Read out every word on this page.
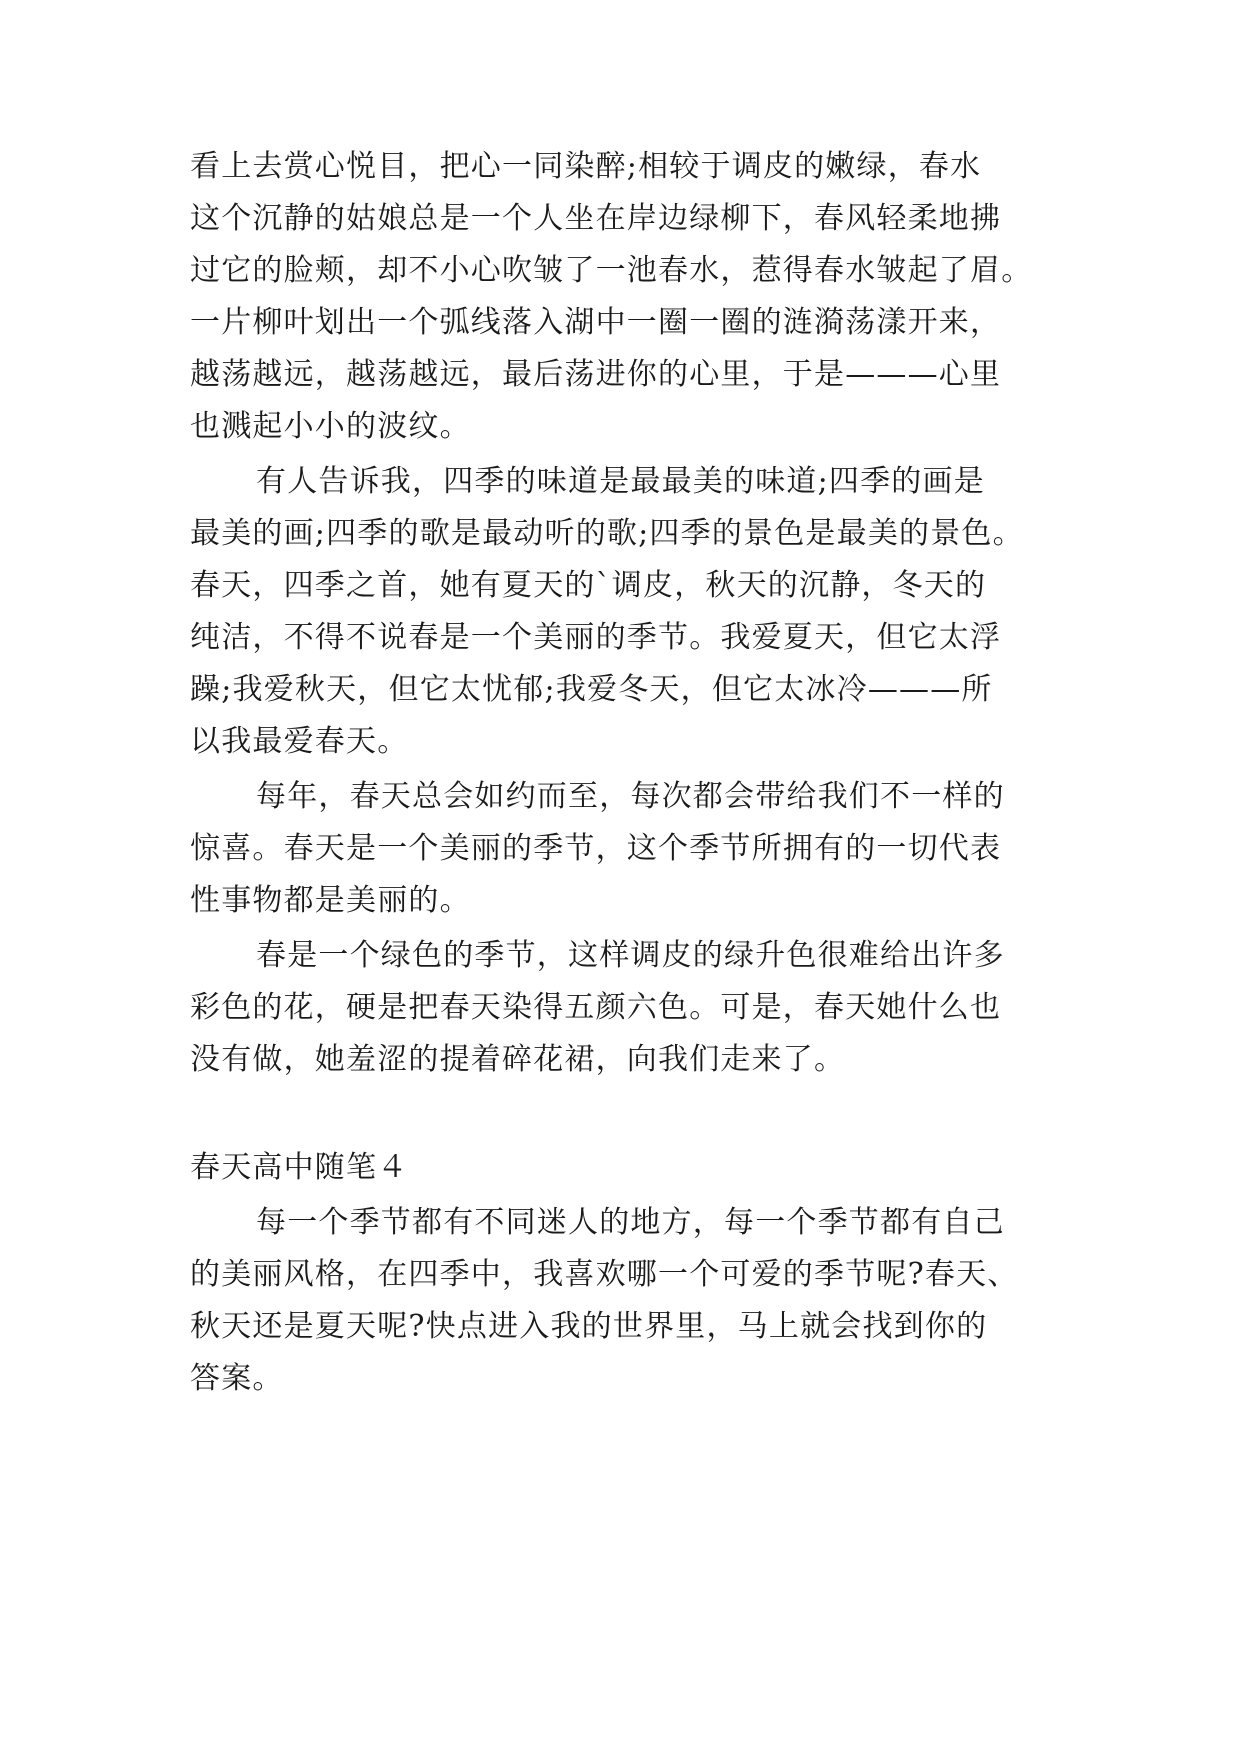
看上去赏心悦目，把心一同染醉;相较于调皮的嫩绿，春水
这个沉静的姑娘总是一个人坐在岸边绿柳下，春风轻柔地拂
过它的脸颊，却不小心吹皱了一池春水，惹得春水皱起了眉。
一片柳叶划出一个弧线落入湖中一圈一圈的涟漪荡漾开来，
越荡越远，越荡越远，最后荡进你的心里，于是———心里
也溅起小小的波纹。
有人告诉我，四季的味道是最最美的味道;四季的画是
最美的画;四季的歌是最动听的歌;四季的景色是最美的景色。
春天，四季之首，她有夏天的`调皮，秋天的沉静，冬天的
纯洁，不得不说春是一个美丽的季节。我爱夏天，但它太浮
躁;我爱秋天，但它太忧郁;我爱冬天，但它太冰冷———所
以我最爱春天。
每年，春天总会如约而至，每次都会带给我们不一样的
惊喜。春天是一个美丽的季节，这个季节所拥有的一切代表
性事物都是美丽的。
春是一个绿色的季节，这样调皮的绿升色很难给出许多
彩色的花，硬是把春天染得五颜六色。可是，春天她什么也
没有做，她羞涩的提着碎花裙，向我们走来了。
春天高中随笔４
每一个季节都有不同迷人的地方，每一个季节都有自己
的美丽风格，在四季中，我喜欢哪一个可爱的季节呢?春天、
秋天还是夏天呢?快点进入我的世界里，马上就会找到你的
答案。
